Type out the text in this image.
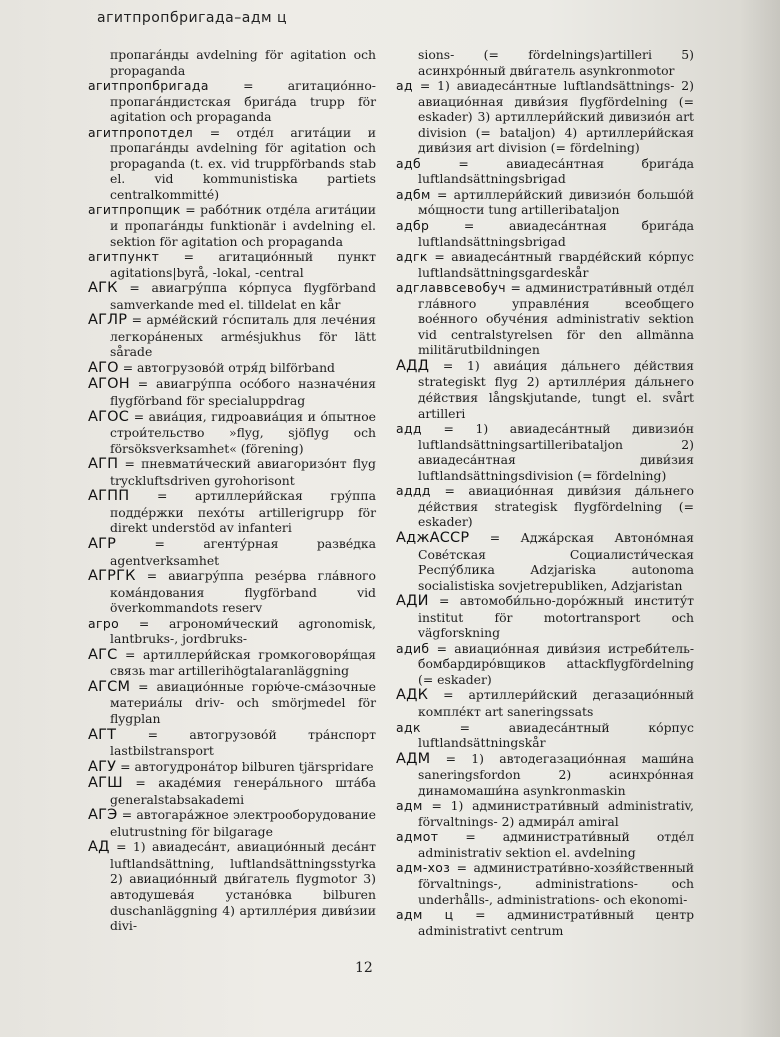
агитпропбригада–адм ц

пропага́нды avdelning för agitation och propaganda

агитпропбригада = агитацио́нно-пропага́ндистская брига́да trupp för agitation och propaganda

агитпропотдел = отде́л агита́ции и пропага́нды avdelning för agitation och propaganda (t. ex. vid truppförbands stab el. vid kommunistiska partiets centralkommitté)

агитпропщик = рабо́тник отде́ла агита́ции и пропага́нды funktionär i avdelning el. sektion för agitation och propaganda

агитпункт = агитацио́нный пункт agitations|byrå, -lokal, -central

АГК = авиагру́ппа ко́рпуса flygförband samverkande med el. tilldelat en kår

АГЛР = арме́йский го́спиталь для лече́ния легкора́неных armésjukhus för lätt sårade

АГО = автогрузово́й отря́д bilförband

АГОН = авиагру́ппа осо́бого назначе́ния flygförband för specialuppdrag

АГОС = авиа́ция, гидроавиа́ция и о́пытное строи́тельство »flyg, sjöflyg och försöksverksamhet« (förening)

АГП = пневмати́ческий авиагоризо́нт flyg tryckluftsdriven gyrohorisont

АГПП = артиллери́йская гру́ппа подде́ржки пехо́ты artillerigrupp för direkt understöd av infanteri

АГР = агенту́рная разве́дка agentverksamhet

АГРГК = авиагру́ппа резе́рва гла́вного кома́ндования flygförband vid överkommandots reserv

агро = агрономи́ческий agronomisk, lantbruks-, jordbruks-

АГС = артиллери́йская громкоговоря́щая связь mar artillerihögtalaranläggning

АГСМ = авиацио́нные горю́че-сма́зочные материа́лы driv- och smörjmedel för flygplan

АГТ = автогрузово́й тра́нспорт lastbilstransport

АГУ = автогудрона́тор bilburen tjärspridare

АГШ = акаде́мия генера́льного шта́ба generalstabsakademi

АГЭ = автогара́жное электрооборудование elutrustning för bilgarage

АД = 1) авиадеса́нт, авиацио́нный деса́нт luftlandsättning, luftlandsättningsstyrka 2) авиацио́нный дви́гатель flygmotor 3) автодушева́я устано́вка bilburen duschanläggning 4) артилле́рия диви́зии divi-

sions- (= fördelnings)artilleri 5) асинхро́нный дви́гатель asynkronmotor

ад = 1) авиадеса́нтные luftlandsättnings- 2) авиацио́нная диви́зия flygfördelning (= eskader) 3) артиллери́йский дивизио́н art division (= bataljon) 4) артиллери́йская диви́зия art division (= fördelning)

адб = авиадеса́нтная брига́да luftlandsättningsbrigad

адбм = артиллери́йский дивизио́н большо́й мо́щности tung artilleribataljon

адбр = авиадеса́нтная брига́да luftlandsättningsbrigad

адгк = авиадеса́нтный гварде́йский ко́рпус luftlandsättningsgardeskår

адглаввсевобуч = администрати́вный отде́л гла́вного управле́ния всеобщего вое́нного обуче́ния administrativ sektion vid centralstyrelsen för den allmänna militärutbildningen

АДД = 1) авиа́ция да́льнего де́йствия strategiskt flyg 2) артилле́рия да́льнего де́йствия långskjutande, tungt el. svårt artilleri

адд = 1) авиадеса́нтный дивизио́н luftlandsättningsartilleribataljon 2) авиадеса́нтная диви́зия luftlandsättningsdivision (= fördelning)

аддд = авиацио́нная диви́зия да́льнего де́йствия strategisk flygfördelning (= eskader)

АджАССР = Аджа́рская Автоно́мная Сове́тская Социалисти́ческая Респу́блика Adzjariska autonoma socialistiska sovjetrepubliken, Adzjaristan

АДИ = автомоби́льно-доро́жный институ́т institut för motortransport och vägforskning

адиб = авиацио́нная диви́зия истреби́тель-бомбардиро́вщиков attackflygfördelning (= eskader)

АДК = артиллери́йский дегазацио́нный компле́кт art saneringssats

адк = авиадеса́нтный ко́рпус luftlandsättningskår

АДМ = 1) автодегазацио́нная маши́на saneringsfordon 2) асинхро́нная динамомаши́на asynkronmaskin

адм = 1) администрати́вный administrativ, förvaltnings- 2) адмира́л amiral

адмот = администрати́вный отде́л administrativ sektion el. avdelning

адм-хоз = администрати́вно-хозя́йственный förvaltnings-, administrations- och underhålls-, administrations- och ekonomi-

адм ц = администрати́вный центр administrativt centrum

12
